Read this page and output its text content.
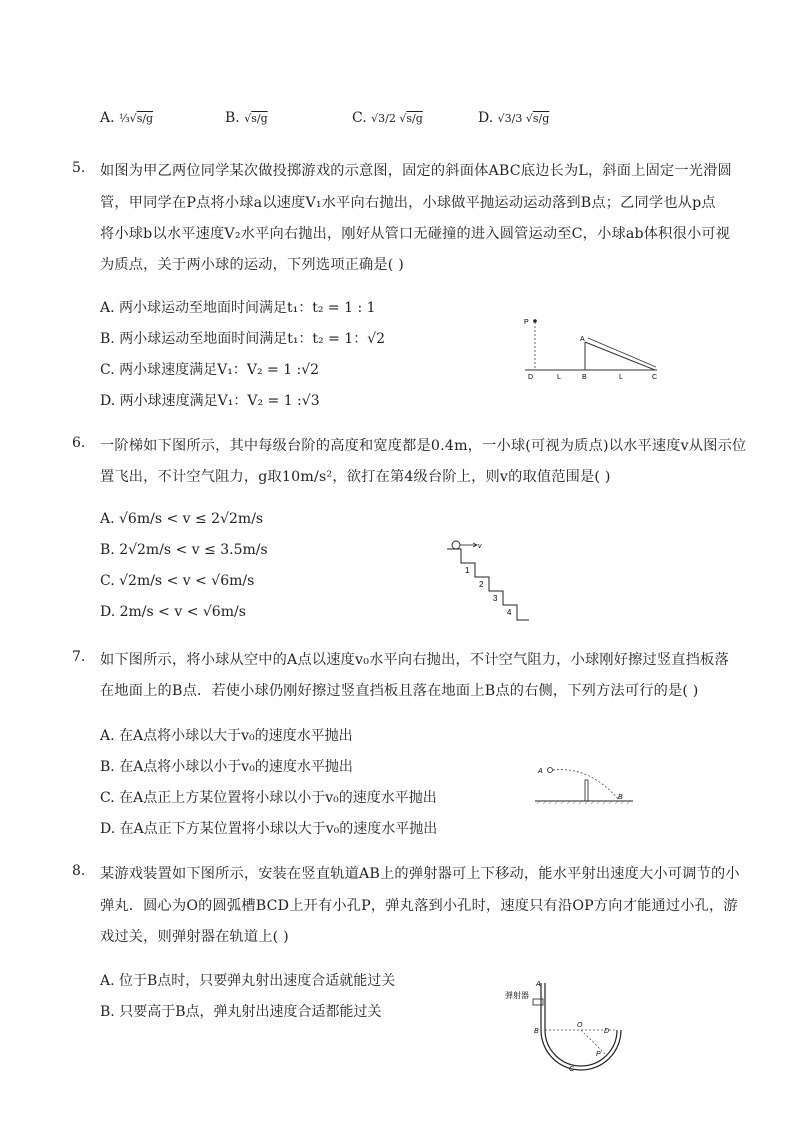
A. ⅓√s/g	B. √s/g	C. √3/2 √s/g	D. √3/3 √s/g
5. 如图为甲乙两位同学某次做投掷游戏的示意图，固定的斜面体ABC底边长为L，斜面上固定一光滑圆
管，甲同学在P点将小球a以速度V₁水平向右抛出，小球做平抛运动运动落到B点；乙同学也从p点
将小球b以水平速度V₂水平向右抛出，刚好从管口无碰撞的进入圆管运动至C，小球ab体积很小可视
为质点，关于两小球的运动，下列选项正确是( )
A. 两小球运动至地面时间满足t₁：t₂ = 1 : 1
B. 两小球运动至地面时间满足t₁：t₂ = 1：√2
C. 两小球速度满足V₁：V₂ = 1 :√2
D. 两小球速度满足V₁：V₂ = 1 :√3
P
A
D	L	B	L	C
6. 一阶梯如下图所示，其中每级台阶的高度和宽度都是0.4m，一小球(可视为质点)以水平速度v从图示位
置飞出，不计空气阻力，g取10m/s²，欲打在第4级台阶上，则v的取值范围是( )
A. √6m/s < v ≤ 2√2m/s
B. 2√2m/s < v ≤ 3.5m/s
C. √2m/s < v < √6m/s
D. 2m/s < v < √6m/s
v
1
2
3
4
7. 如下图所示，将小球从空中的A点以速度v₀水平向右抛出，不计空气阻力，小球刚好擦过竖直挡板落
在地面上的B点．若使小球仍刚好擦过竖直挡板且落在地面上B点的右侧，下列方法可行的是( )
A. 在A点将小球以大于v₀的速度水平抛出
B. 在A点将小球以小于v₀的速度水平抛出
C. 在A点正上方某位置将小球以小于v₀的速度水平抛出
D. 在A点正下方某位置将小球以大于v₀的速度水平抛出
A
B
8. 某游戏装置如下图所示，安装在竖直轨道AB上的弹射器可上下移动，能水平射出速度大小可调节的小
弹丸．圆心为O的圆弧槽BCD上开有小孔P，弹丸落到小孔时，速度只有沿OP方向才能通过小孔，游
戏过关，则弹射器在轨道上( )
A. 位于B点时，只要弹丸射出速度合适就能过关
B. 只要高于B点，弹丸射出速度合适都能过关
A
弹射器
B
O
D
P
C
